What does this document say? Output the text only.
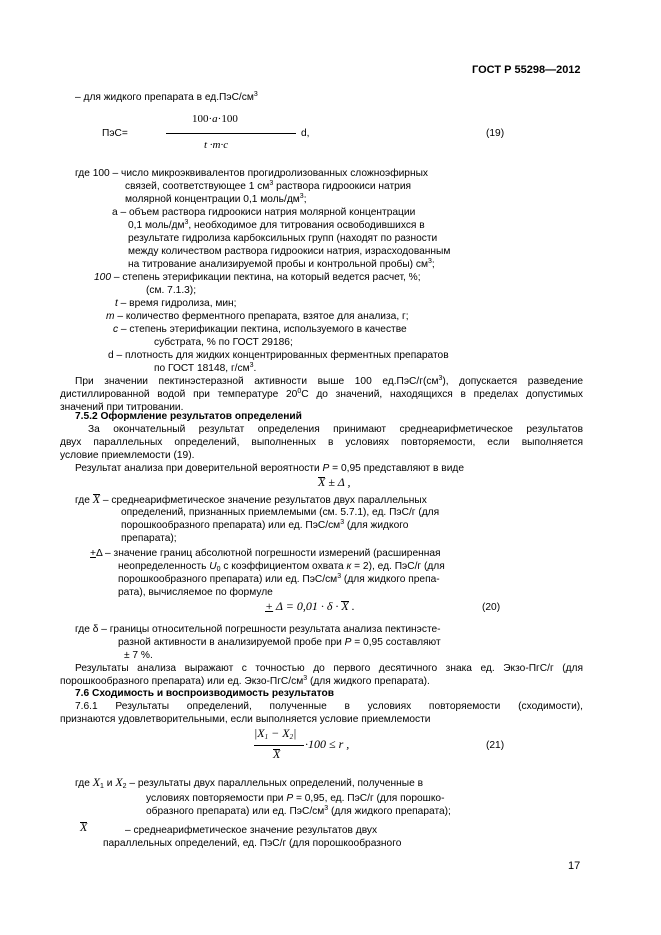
ГОСТ Р 55298—2012
– для жидкого препарата в $ед.ПэС/см^3$
100·a·100
ПэС=	d,
t ·m·c
(19)
где 100 – число микроэквивалентов прогидролизованных сложноэфирных
связей, соответствующее 1 $см^3$ раствора гидроокиси натрия
молярной концентрации 0,1 моль/$дм^3$;
a – объем раствора гидроокиси натрия молярной концентрации
0,1 моль/$дм^3$, необходимое для титрования освободившихся в
результате гидролиза карбоксильных групп (находят по разности
между количеством раствора гидроокиси натрия, израсходованным
на титрование анализируемой пробы и контрольной пробы) $см^3$;
100 – степень этерификации пектина, на который ведется расчет, %;
(см. 7.1.3);
t – время гидролиза, мин;
m – количество ферментного препарата, взятое для анализа, г;
c – степень этерификации пектина, используемого в качестве
субстрата, % по ГОСТ 29186;
d – плотность для жидких концентрированных ферментных препаратов
по ГОСТ 18148, $г/см^3$.
При значении пектинэстеразной активности выше 100 $ед.ПэС/г(см^3)$, допускается разведение
дистиллированной водой при температуре $20^0С$ до значений, находящихся в пределах допустимых
значений при титровании.
7.5.2 Оформление результатов определений
За окончательный результат определения принимают среднеарифметическое результатов
двух параллельных определений, выполненных в условиях повторяемости, если выполняется
условие приемлемости (19).
Результат анализа при доверительной вероятности P = 0,95 представляют в виде
X ± Δ ,
где X – среднеарифметическое значение результатов двух параллельных
определений, признанных приемлемыми (см. 5.7.1), ед. ПэС/г (для
порошкообразного препарата) или ед. ПэС/$см^3$ (для жидкого
препарата);
+Δ – значение границ абсолютной погрешности измерений (расширенная
неопределенность $U_0$ с коэффициентом охвата к = 2), ед. ПэС/г (для
порошкообразного препарата) или ед. ПэС/$см^3$ (для жидкого препа-
рата), вычисляемое по формуле
+ Δ = 0,01 · δ · X .	(20)
где δ – границы относительной погрешности результата анализа пектинэсте-
разной активности в анализируемой пробе при P = 0,95 составляют
± 7 %.
Результаты анализа выражают с точностью до первого десятичного знака ед. Экзо-ПгС/г (для
порошкообразного препарата) или ед. Экзо-$ПгС/см^3$ (для жидкого препарата).
7.6 Сходимость и воспроизводимость результатов
7.6.1 Результаты определений, полученные в условиях повторяемости (сходимости),
признаются удовлетворительными, если выполняется условие приемлемости
$|X_1 - X_2|$
·100 ≤ r ,
X
(21)
где $X_1$ и $X_2$ – результаты двух параллельных определений, полученные в
условиях повторяемости при P = 0,95, ед. ПэС/г (для порошко-
образного препарата) или ед. ПэС/$см^3$ (для жидкого препарата);
X	– среднеарифметическое значение результатов двух
параллельных определений, ед. ПэС/г (для порошкообразного
17
